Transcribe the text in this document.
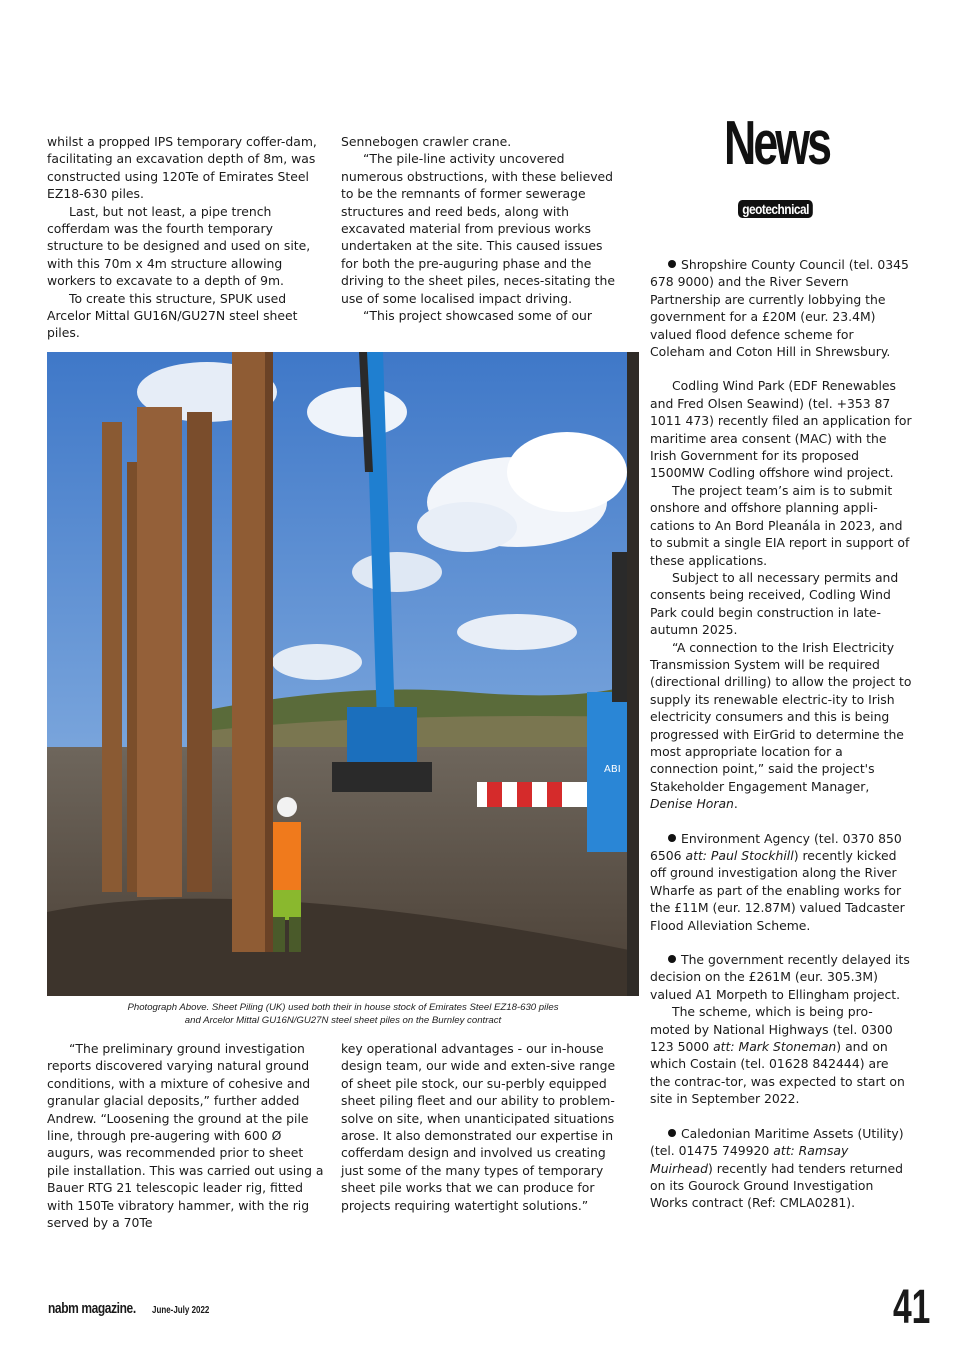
News
geotechnical

whilst a propped IPS temporary coffer-dam, facilitating an excavation depth of 8m, was constructed using 120Te of Emirates Steel EZ18-630 piles.

Last, but not least, a pipe trench cofferdam was the fourth temporary structure to be designed and used on site, with this 70m x 4m structure allowing workers to excavate to a depth of 9m.

To create this structure, SPUK used Arcelor Mittal GU16N/GU27N steel sheet piles.

Sennebogen crawler crane.

“The pile-line activity uncovered numerous obstructions, with these believed to be the remnants of former sewerage structures and reed beds, along with excavated material from previous works undertaken at the site. This caused issues for both the pre-auguring phase and the driving to the sheet piles, neces-sitating the use of some localised impact driving.

“This project showcased some of our

ABI
Photograph Above. Sheet Piling (UK) used both their in house stock of Emirates Steel EZ18-630 piles
and Arcelor Mittal GU16N/GU27N steel sheet piles on the Burnley contract

“The preliminary ground investigation reports discovered varying natural ground conditions, with a mixture of cohesive and granular glacial deposits,” further added Andrew. “Loosening the ground at the pile line, through pre-augering with 600 Ø augurs, was recommended prior to sheet pile installation. This was carried out using a Bauer RTG 21 telescopic leader rig, fitted with 150Te vibratory hammer, with the rig served by a 70Te

key operational advantages - our in-house design team, our wide and exten-sive range of sheet pile stock, our su-perbly equipped sheet piling fleet and our ability to problem-solve on site, when unanticipated situations arose. It also demonstrated our expertise in cofferdam design and involved us creating just some of the many types of temporary sheet pile works that we can produce for projects requiring watertight solutions.”

Shropshire County Council (tel. 0345 678 9000) and the River Severn Partnership are currently lobbying the government for a £20M (eur. 23.4M) valued flood defence scheme for Coleham and Coton Hill in Shrewsbury.

Codling Wind Park (EDF Renewables and Fred Olsen Seawind) (tel. +353 87 1011 473) recently filed an application for maritime area consent (MAC) with the Irish Government for its proposed 1500MW Codling offshore wind project.

The project team’s aim is to submit onshore and offshore planning appli-cations to An Bord Pleanála in 2023, and to submit a single EIA report in support of these applications.

Subject to all necessary permits and consents being received, Codling Wind Park could begin construction in late-autumn 2025.

“A connection to the Irish Electricity Transmission System will be required (directional drilling) to allow the project to supply its renewable electric-ity to Irish electricity consumers and this is being progressed with EirGrid to determine the most appropriate location for a connection point,” said the project's Stakeholder Engagement Manager, Denise Horan.

Environment Agency (tel. 0370 850 6506 att: Paul Stockhill) recently kicked off ground investigation along the River Wharfe as part of the enabling works for the £11M (eur. 12.87M) valued Tadcaster Flood Alleviation Scheme.

The government recently delayed its decision on the £261M (eur. 305.3M) valued A1 Morpeth to Ellingham project.

The scheme, which is being pro-moted by National Highways (tel. 0300 123 5000 att: Mark Stoneman) and on which Costain (tel. 01628 842444) are the contrac-tor, was expected to start on site in September 2022.

Caledonian Maritime Assets (Utility) (tel. 01475 749920 att: Ramsay Muirhead) recently had tenders returned on its Gourock Ground Investigation Works contract (Ref: CMLA0281).

nabm magazine. June-July 2022	41
